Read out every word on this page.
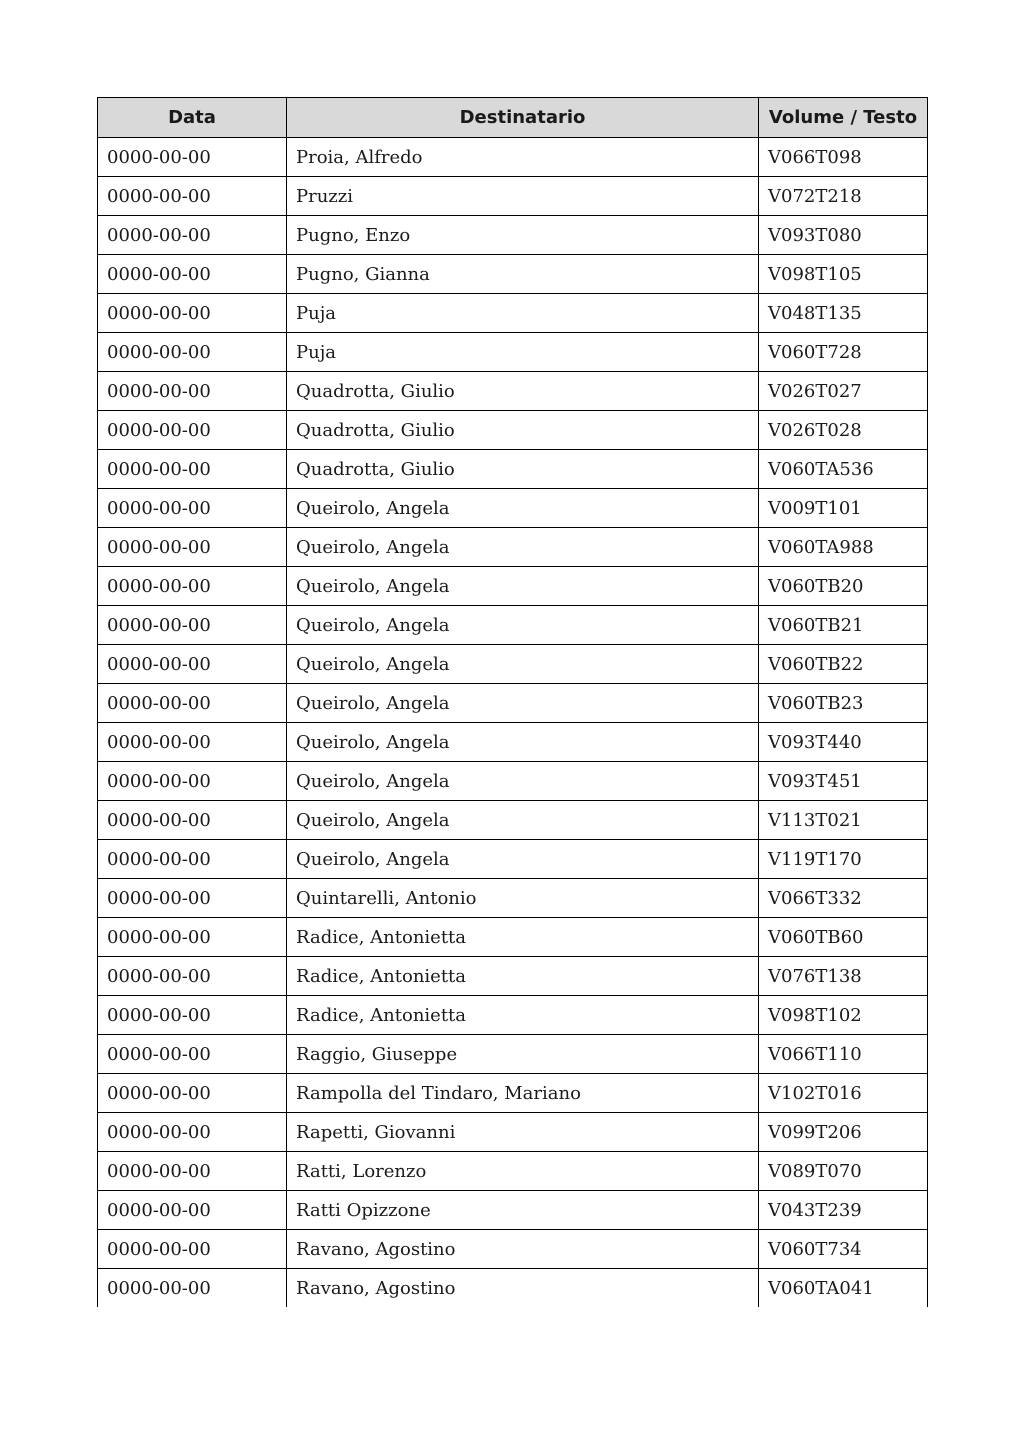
Data	Destinatario	Volume / Testo
0000-00-00	Proia, Alfredo	V066T098
0000-00-00	Pruzzi	V072T218
0000-00-00	Pugno, Enzo	V093T080
0000-00-00	Pugno, Gianna	V098T105
0000-00-00	Puja	V048T135
0000-00-00	Puja	V060T728
0000-00-00	Quadrotta, Giulio	V026T027
0000-00-00	Quadrotta, Giulio	V026T028
0000-00-00	Quadrotta, Giulio	V060TA536
0000-00-00	Queirolo, Angela	V009T101
0000-00-00	Queirolo, Angela	V060TA988
0000-00-00	Queirolo, Angela	V060TB20
0000-00-00	Queirolo, Angela	V060TB21
0000-00-00	Queirolo, Angela	V060TB22
0000-00-00	Queirolo, Angela	V060TB23
0000-00-00	Queirolo, Angela	V093T440
0000-00-00	Queirolo, Angela	V093T451
0000-00-00	Queirolo, Angela	V113T021
0000-00-00	Queirolo, Angela	V119T170
0000-00-00	Quintarelli, Antonio	V066T332
0000-00-00	Radice, Antonietta	V060TB60
0000-00-00	Radice, Antonietta	V076T138
0000-00-00	Radice, Antonietta	V098T102
0000-00-00	Raggio, Giuseppe	V066T110
0000-00-00	Rampolla del Tindaro, Mariano	V102T016
0000-00-00	Rapetti, Giovanni	V099T206
0000-00-00	Ratti, Lorenzo	V089T070
0000-00-00	Ratti Opizzone	V043T239
0000-00-00	Ravano, Agostino	V060T734
0000-00-00	Ravano, Agostino	V060TA041
